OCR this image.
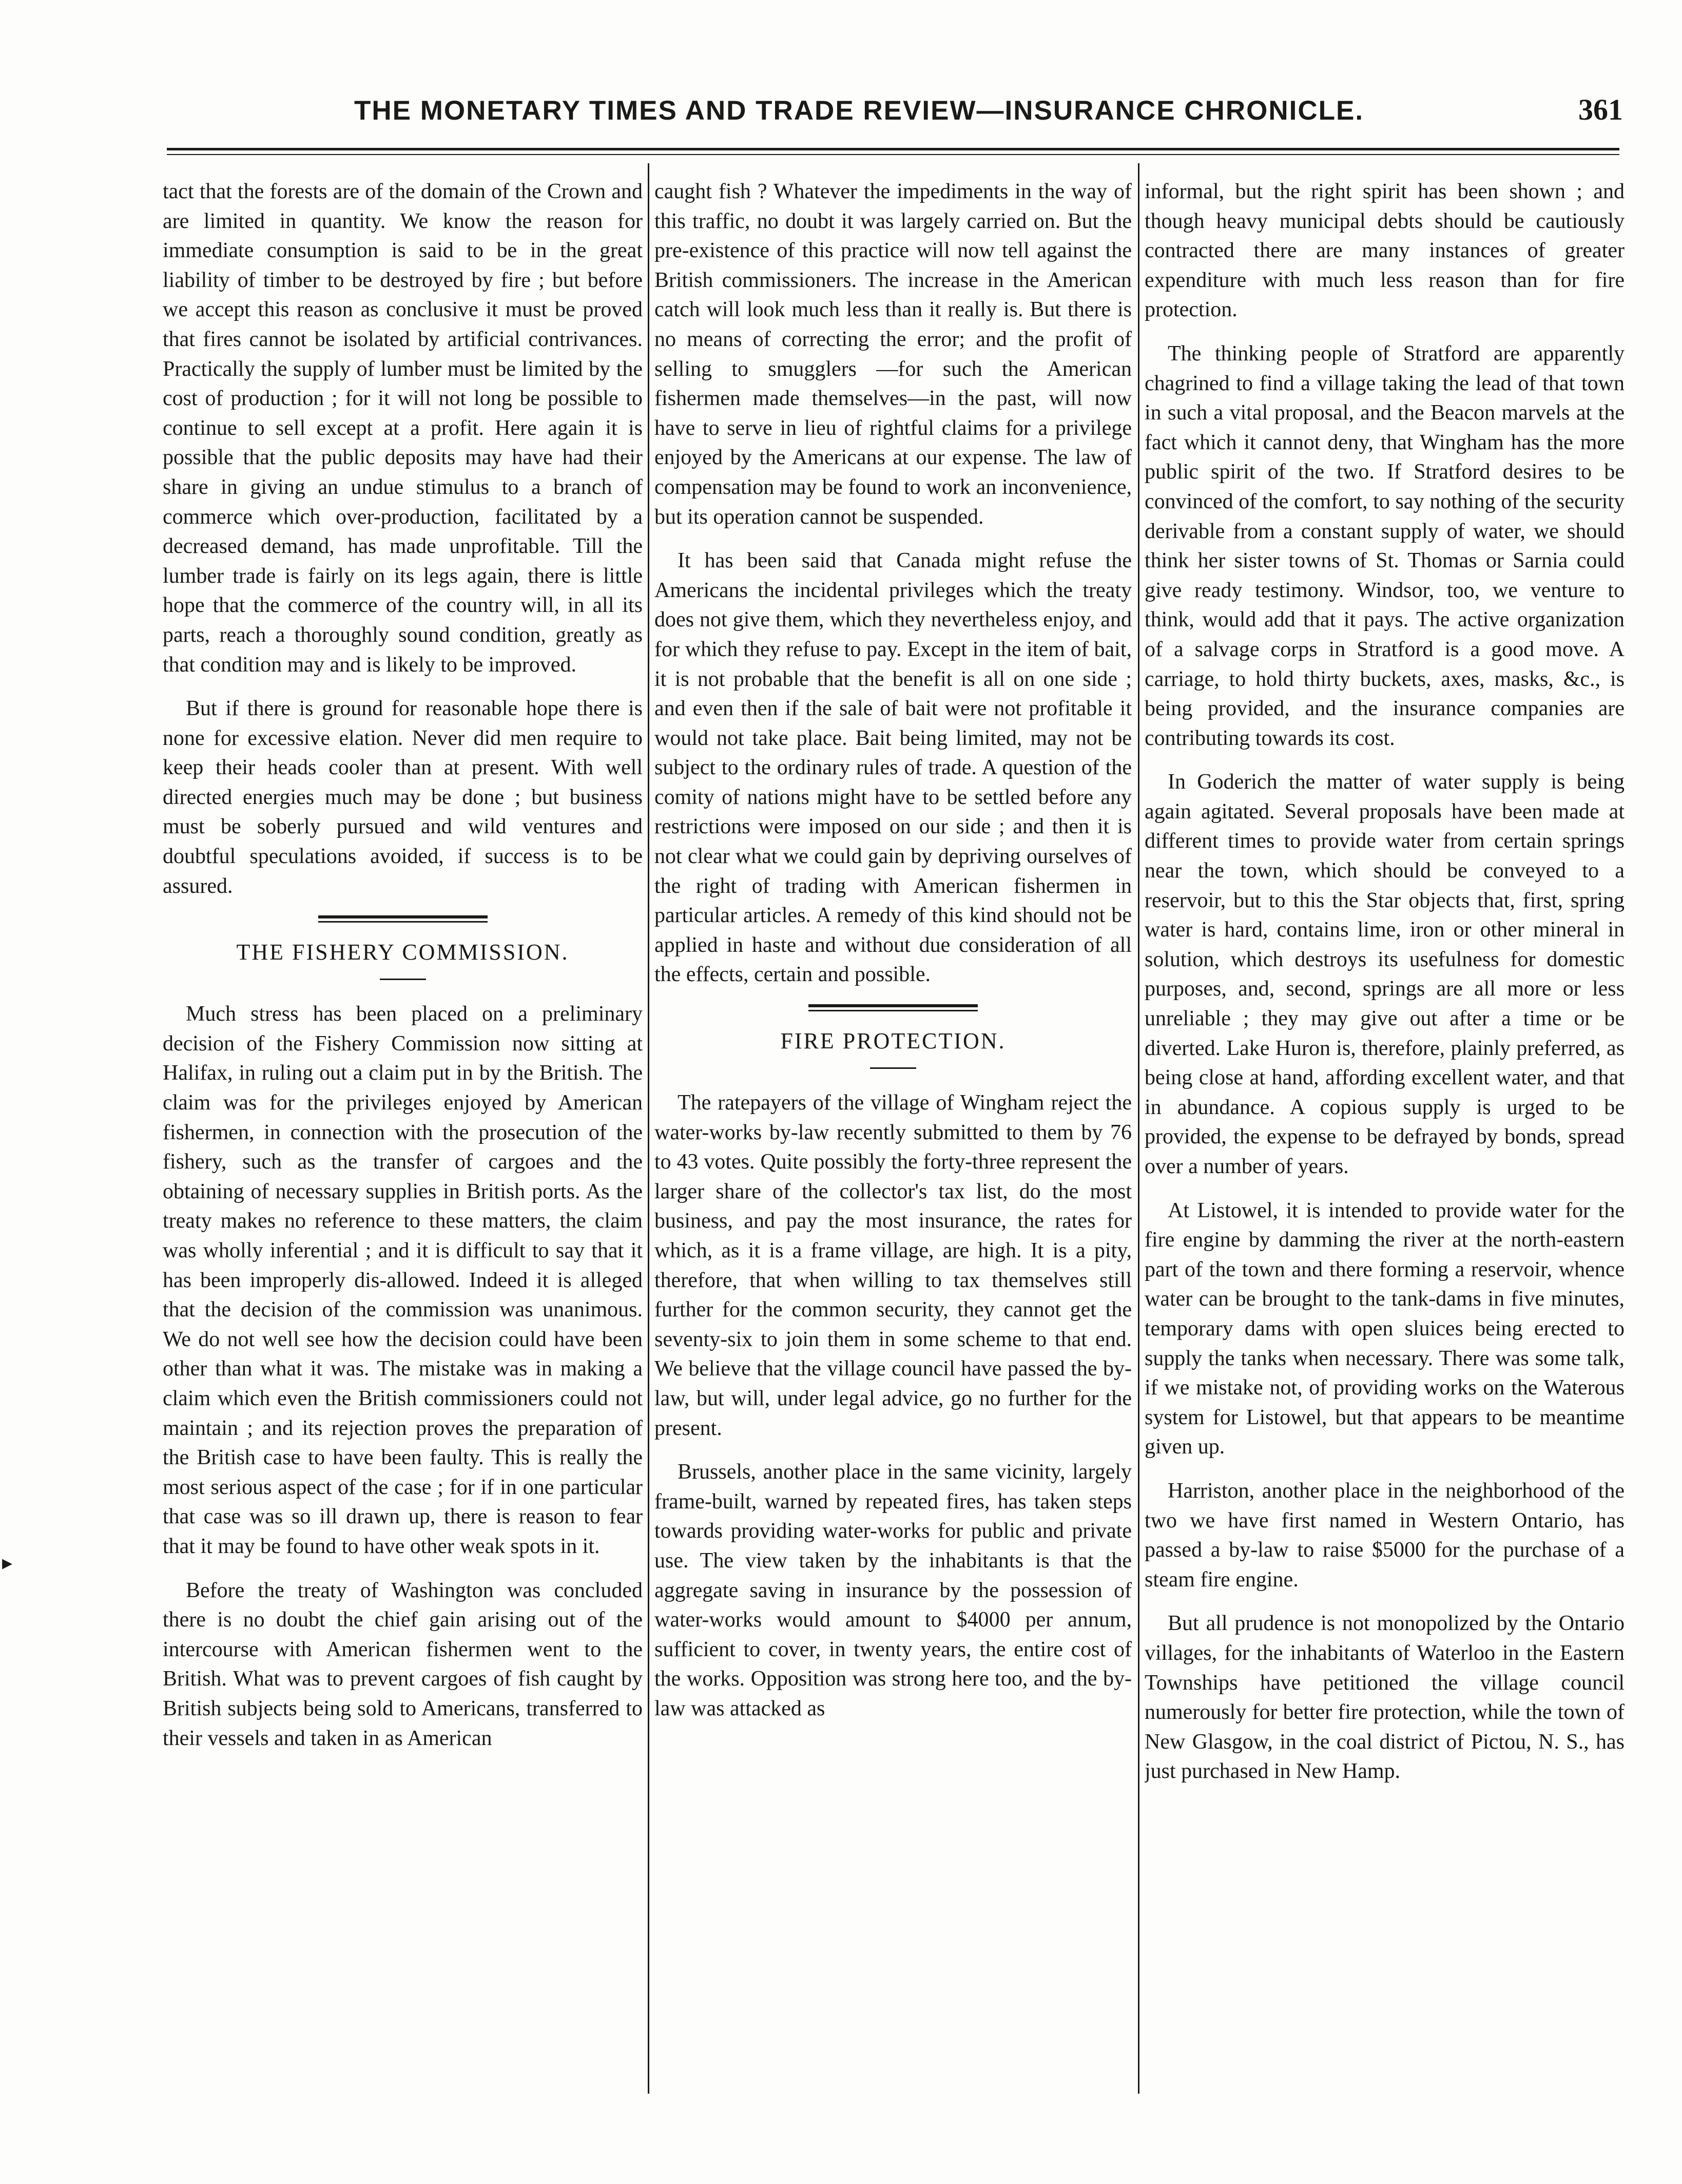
THE MONETARY TIMES AND TRADE REVIEW—INSURANCE CHRONICLE.	361

tact that the forests are of the domain of the Crown and are limited in quantity. We know the reason for immediate consumption is said to be in the great liability of timber to be destroyed by fire ; but before we accept this reason as conclusive it must be proved that fires cannot be isolated by artificial contrivances. Practically the supply of lumber must be limited by the cost of production ; for it will not long be possible to continue to sell except at a profit. Here again it is possible that the public deposits may have had their share in giving an undue stimulus to a branch of commerce which over-production, facilitated by a decreased demand, has made unprofitable. Till the lumber trade is fairly on its legs again, there is little hope that the commerce of the country will, in all its parts, reach a thoroughly sound condition, greatly as that condition may and is likely to be improved.

But if there is ground for reasonable hope there is none for excessive elation. Never did men require to keep their heads cooler than at present. With well directed energies much may be done ; but business must be soberly pursued and wild ventures and doubtful speculations avoided, if success is to be assured.

THE FISHERY COMMISSION.

Much stress has been placed on a preliminary decision of the Fishery Commission now sitting at Halifax, in ruling out a claim put in by the British. The claim was for the privileges enjoyed by American fishermen, in connection with the prosecution of the fishery, such as the transfer of cargoes and the obtaining of necessary supplies in British ports. As the treaty makes no reference to these matters, the claim was wholly inferential ; and it is difficult to say that it has been improperly dis-allowed. Indeed it is alleged that the decision of the commission was unanimous. We do not well see how the decision could have been other than what it was. The mistake was in making a claim which even the British commissioners could not maintain ; and its rejection proves the preparation of the British case to have been faulty. This is really the most serious aspect of the case ; for if in one particular that case was so ill drawn up, there is reason to fear that it may be found to have other weak spots in it.

Before the treaty of Washington was concluded there is no doubt the chief gain arising out of the intercourse with American fishermen went to the British. What was to prevent cargoes of fish caught by British subjects being sold to Americans, transferred to their vessels and taken in as American

caught fish ? Whatever the impediments in the way of this traffic, no doubt it was largely carried on. But the pre-existence of this practice will now tell against the British commissioners. The increase in the American catch will look much less than it really is. But there is no means of correcting the error; and the profit of selling to smugglers —for such the American fishermen made themselves—in the past, will now have to serve in lieu of rightful claims for a privilege enjoyed by the Americans at our expense. The law of compensation may be found to work an inconvenience, but its operation cannot be suspended.

It has been said that Canada might refuse the Americans the incidental privileges which the treaty does not give them, which they nevertheless enjoy, and for which they refuse to pay. Except in the item of bait, it is not probable that the benefit is all on one side ; and even then if the sale of bait were not profitable it would not take place. Bait being limited, may not be subject to the ordinary rules of trade. A question of the comity of nations might have to be settled before any restrictions were imposed on our side ; and then it is not clear what we could gain by depriving ourselves of the right of trading with American fishermen in particular articles. A remedy of this kind should not be applied in haste and without due consideration of all the effects, certain and possible.

FIRE PROTECTION.

The ratepayers of the village of Wingham reject the water-works by-law recently submitted to them by 76 to 43 votes. Quite possibly the forty-three represent the larger share of the collector's tax list, do the most business, and pay the most insurance, the rates for which, as it is a frame village, are high. It is a pity, therefore, that when willing to tax themselves still further for the common security, they cannot get the seventy-six to join them in some scheme to that end. We believe that the village council have passed the by-law, but will, under legal advice, go no further for the present.

Brussels, another place in the same vicinity, largely frame-built, warned by repeated fires, has taken steps towards providing water-works for public and private use. The view taken by the inhabitants is that the aggregate saving in insurance by the possession of water-works would amount to $4000 per annum, sufficient to cover, in twenty years, the entire cost of the works. Opposition was strong here too, and the by-law was attacked as

informal, but the right spirit has been shown ; and though heavy municipal debts should be cautiously contracted there are many instances of greater expenditure with much less reason than for fire protection.

The thinking people of Stratford are apparently chagrined to find a village taking the lead of that town in such a vital proposal, and the Beacon marvels at the fact which it cannot deny, that Wingham has the more public spirit of the two. If Stratford desires to be convinced of the comfort, to say nothing of the security derivable from a constant supply of water, we should think her sister towns of St. Thomas or Sarnia could give ready testimony. Windsor, too, we venture to think, would add that it pays. The active organization of a salvage corps in Stratford is a good move. A carriage, to hold thirty buckets, axes, masks, &c., is being provided, and the insurance companies are contributing towards its cost.

In Goderich the matter of water supply is being again agitated. Several proposals have been made at different times to provide water from certain springs near the town, which should be conveyed to a reservoir, but to this the Star objects that, first, spring water is hard, contains lime, iron or other mineral in solution, which destroys its usefulness for domestic purposes, and, second, springs are all more or less unreliable ; they may give out after a time or be diverted. Lake Huron is, therefore, plainly preferred, as being close at hand, affording excellent water, and that in abundance. A copious supply is urged to be provided, the expense to be defrayed by bonds, spread over a number of years.

At Listowel, it is intended to provide water for the fire engine by damming the river at the north-eastern part of the town and there forming a reservoir, whence water can be brought to the tank-dams in five minutes, temporary dams with open sluices being erected to supply the tanks when necessary. There was some talk, if we mistake not, of providing works on the Waterous system for Listowel, but that appears to be meantime given up.

Harriston, another place in the neighborhood of the two we have first named in Western Ontario, has passed a by-law to raise $5000 for the purchase of a steam fire engine.

But all prudence is not monopolized by the Ontario villages, for the inhabitants of Waterloo in the Eastern Townships have petitioned the village council numerously for better fire protection, while the town of New Glasgow, in the coal district of Pictou, N. S., has just purchased in New Hamp.

▸
